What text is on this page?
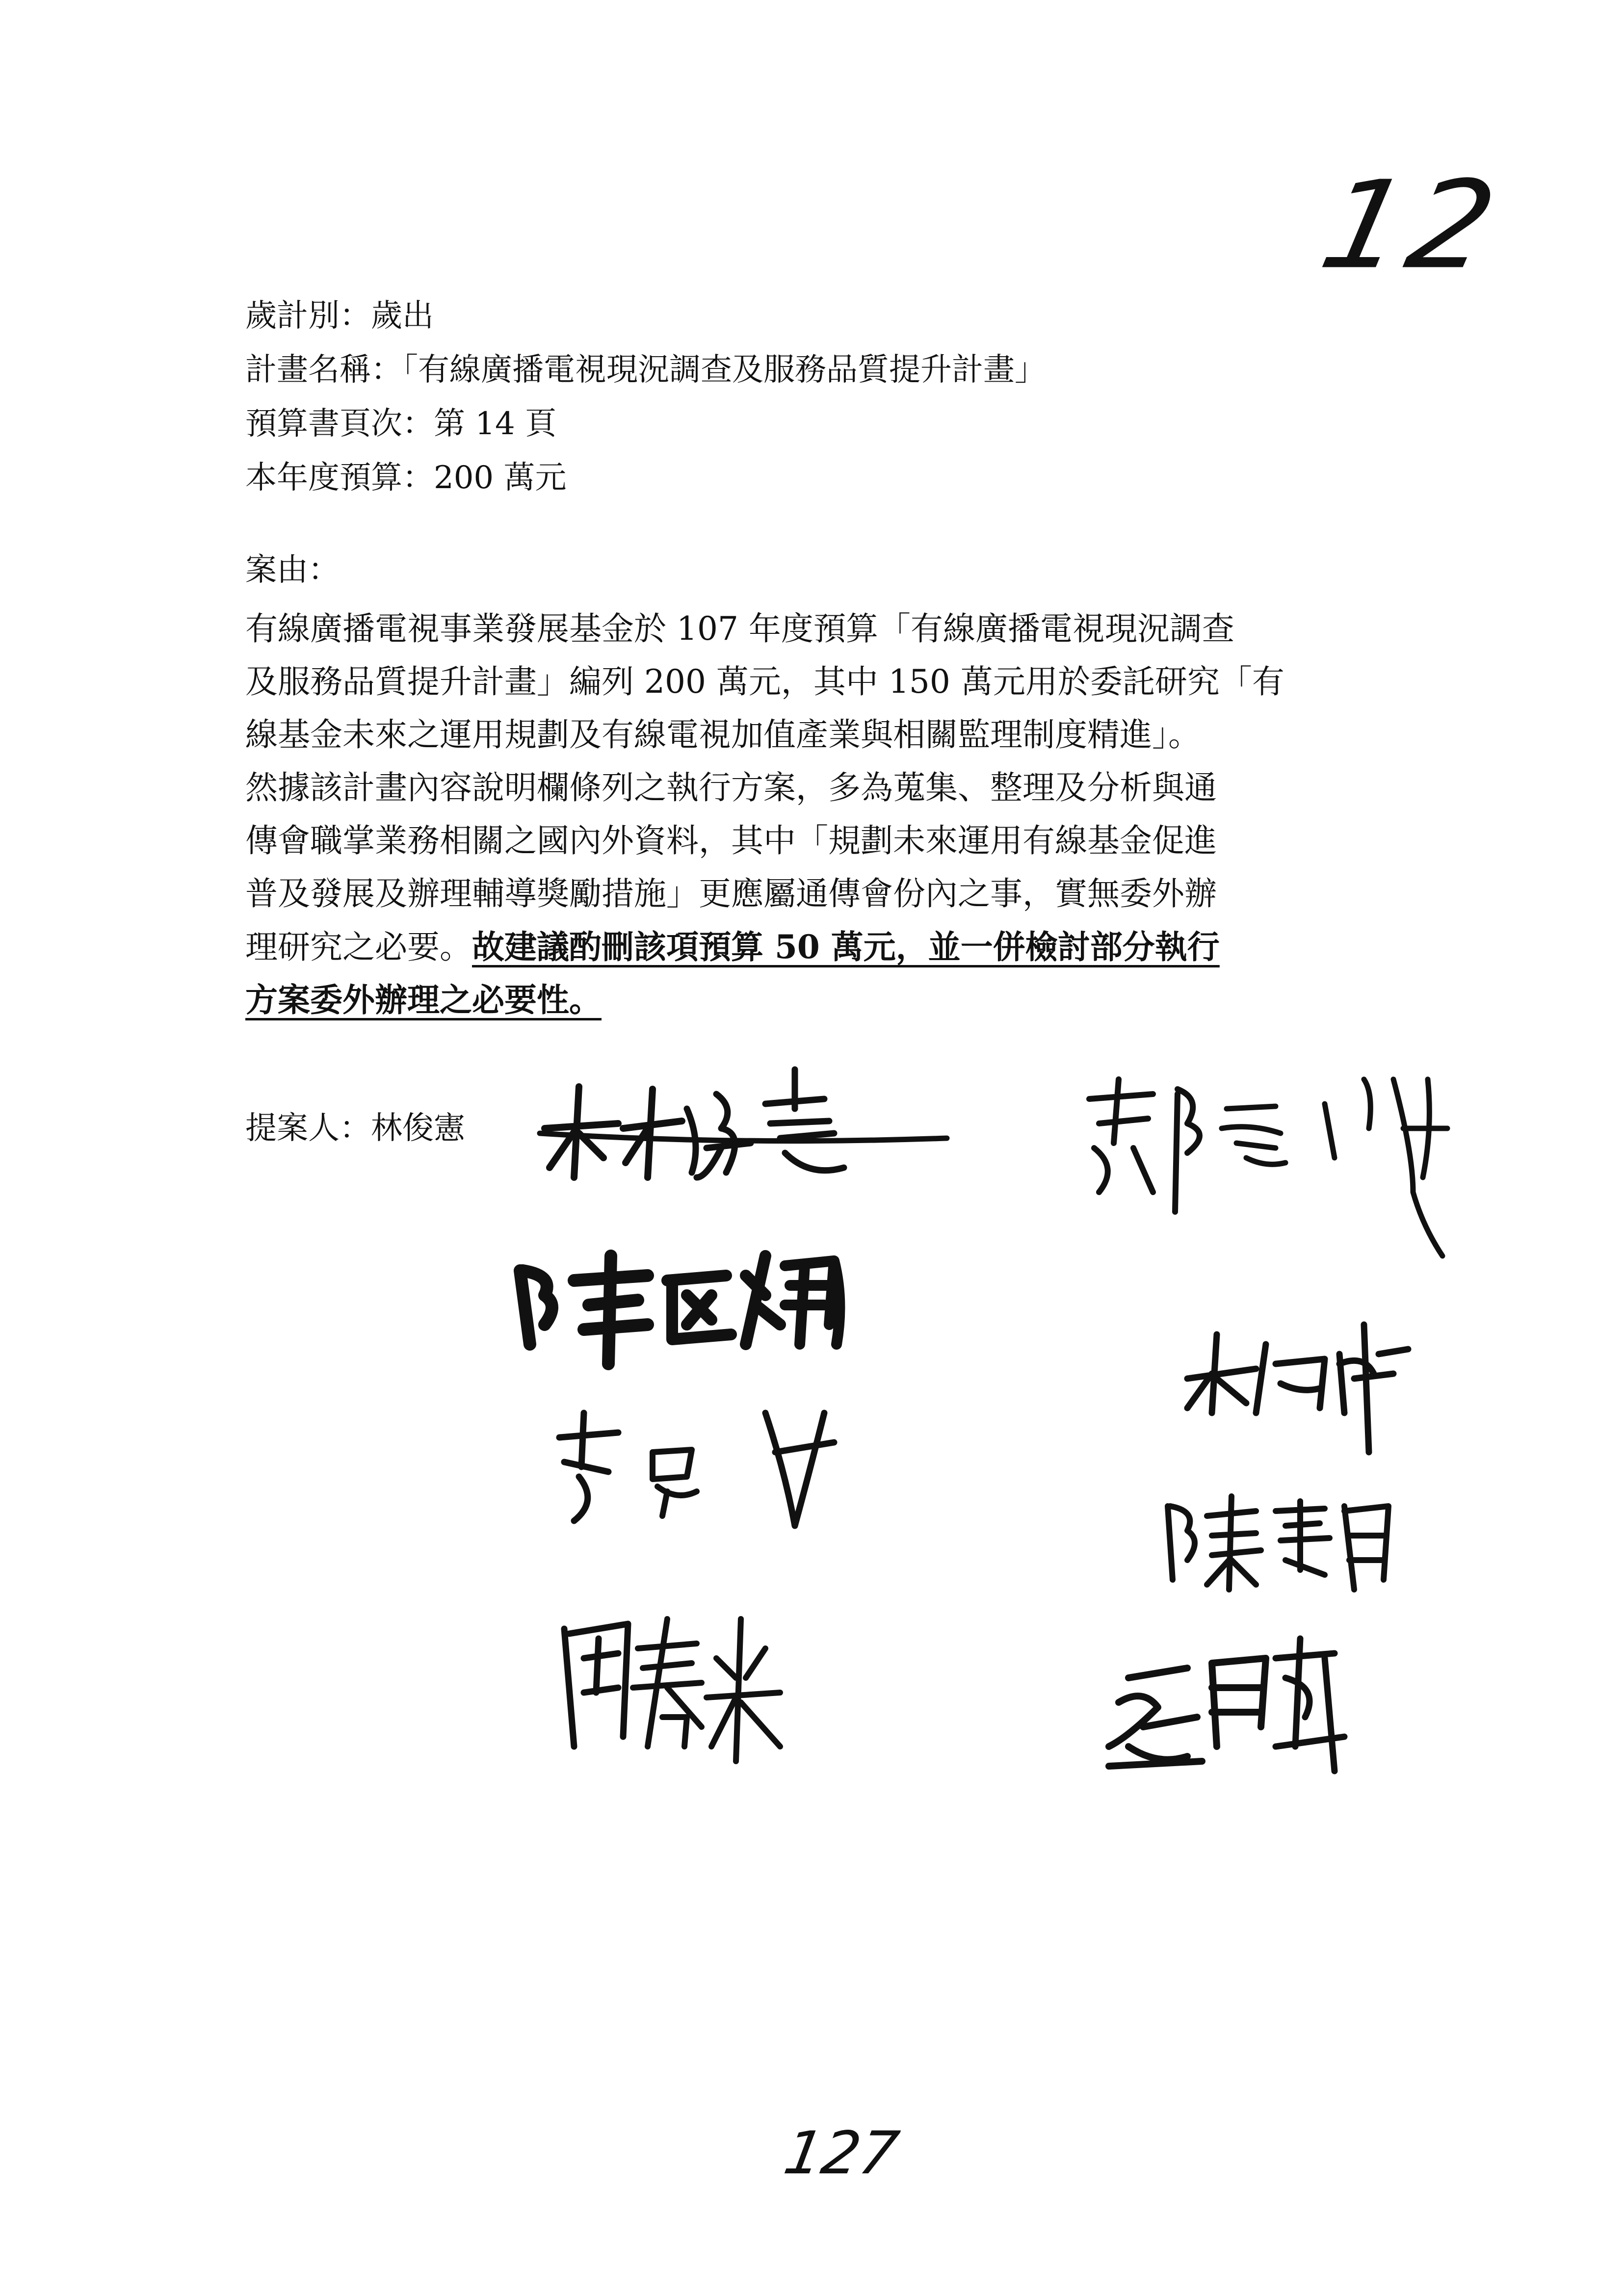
12
歲計別：歲出
計畫名稱：「有線廣播電視現況調查及服務品質提升計畫」
預算書頁次：第 14 頁
本年度預算：200 萬元
案由：
有線廣播電視事業發展基金於 107 年度預算「有線廣播電視現況調查
及服務品質提升計畫」編列 200 萬元，其中 150 萬元用於委託研究「有
線基金未來之運用規劃及有線電視加值產業與相關監理制度精進」。
然據該計畫內容說明欄條列之執行方案，多為蒐集、整理及分析與通
傳會職掌業務相關之國內外資料，其中「規劃未來運用有線基金促進
普及發展及辦理輔導獎勵措施」更應屬通傳會份內之事，實無委外辦
理研究之必要。故建議酌刪該項預算 50 萬元，並一併檢討部分執行
方案委外辦理之必要性。
提案人：林俊憲
127
